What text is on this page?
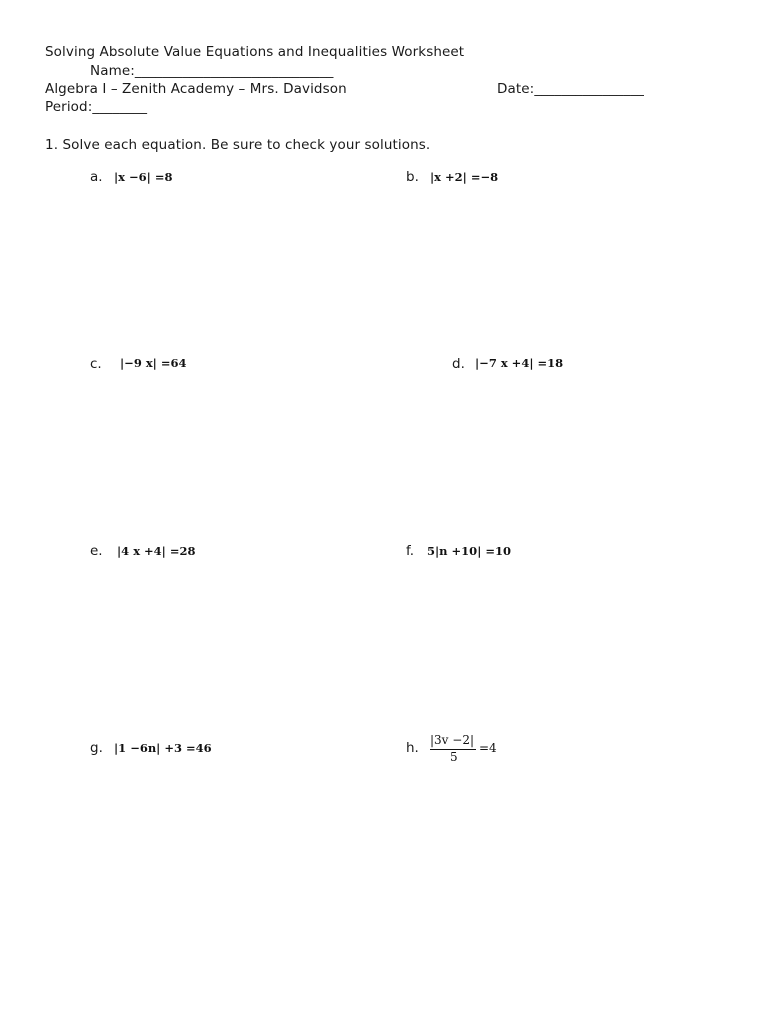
Solving Absolute Value Equations and Inequalities Worksheet
Name:_____________________________
Algebra I – Zenith Academy – Mrs. Davidson	Date:________________
Period:________
1. Solve each equation. Be sure to check your solutions.
a. |x −6| =8	b. |x +2| =−8
c. |−9 x| =64	d. |−7 x +4| =18
e. |4 x +4| =28	f. 5|n +10| =10
g. |1 −6n| +3 =46	h. |3v −2|
5
=4
